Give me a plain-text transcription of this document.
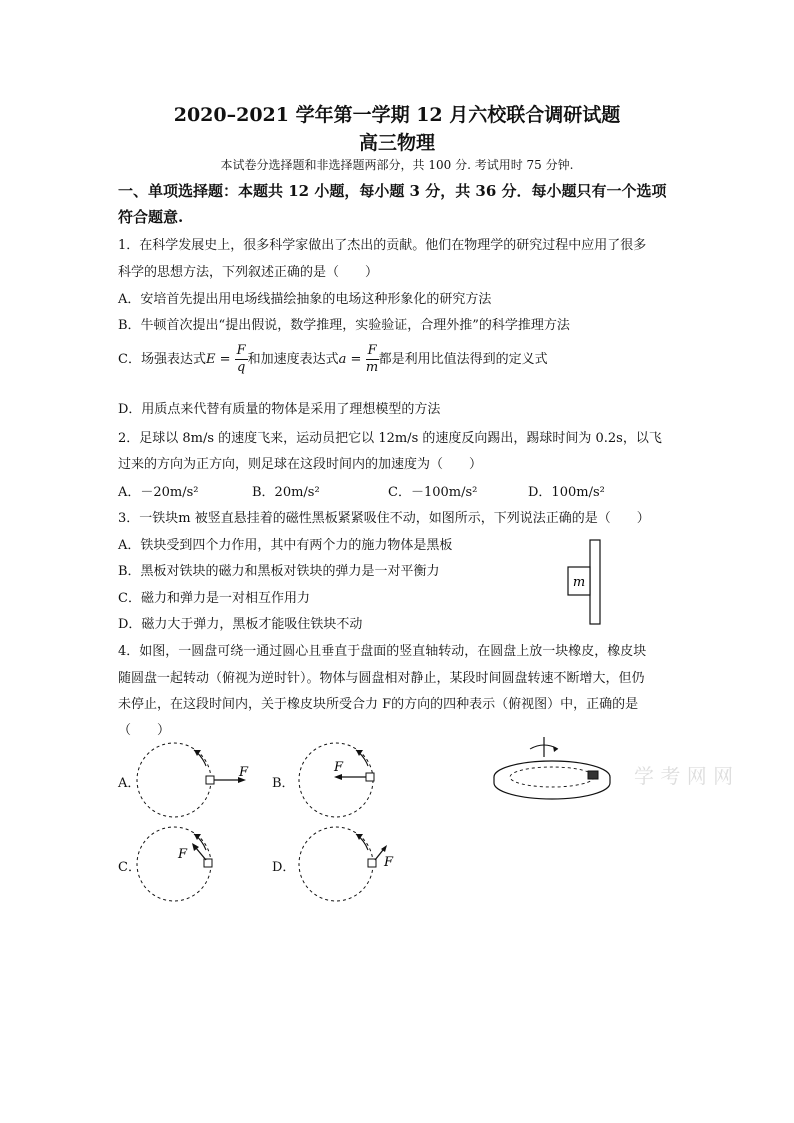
2020–2021 学年第一学期 12 月六校联合调研试题
高三物理
本试卷分选择题和非选择题两部分，共 100 分. 考试用时 75 分钟.
一、单项选择题：本题共 12 小题，每小题 3 分，共 36 分．每小题只有一个选项
符合题意.
1．在科学发展史上，很多科学家做出了杰出的贡献。他们在物理学的研究过程中应用了很多
科学的思想方法，下列叙述正确的是（　　）
A．安培首先提出用电场线描绘抽象的电场这种形象化的研究方法
B．牛顿首次提出“提出假说，数学推理，实验验证，合理外推”的科学推理方法
C．场强表达式$E = \frac{F}{q}$ 和加速度表达式$a = \frac{F}{m}$ 都是利用比值法得到的定义式
D．用质点来代替有质量的物体是采用了理想模型的方法
2．足球以 8m/s 的速度飞来，运动员把它以 12m/s 的速度反向踢出，踢球时间为 0.2s，以飞
过来的方向为正方向，则足球在这段时间内的加速度为（　　）
A．－20m/s²	B．20m/s²	C．－100m/s²	D．100m/s²
3．一铁块m 被竖直悬挂着的磁性黑板紧紧吸住不动，如图所示，下列说法正确的是（　　）
A．铁块受到四个力作用，其中有两个力的施力物体是黑板
B．黑板对铁块的磁力和黑板对铁块的弹力是一对平衡力
C．磁力和弹力是一对相互作用力
D．磁力大于弹力，黑板才能吸住铁块不动
m
4．如图，一圆盘可绕一通过圆心且垂直于盘面的竖直轴转动，在圆盘上放一块橡皮，橡皮块
随圆盘一起转动（俯视为逆时针）。物体与圆盘相对静止，某段时间圆盘转速不断增大，但仍
未停止，在这段时间内，关于橡皮块所受合力 F的方向的四种表示（俯视图）中，正确的是
（　　）
A．
F
B．
F
C．
F
D．	F
学 考 网 网
